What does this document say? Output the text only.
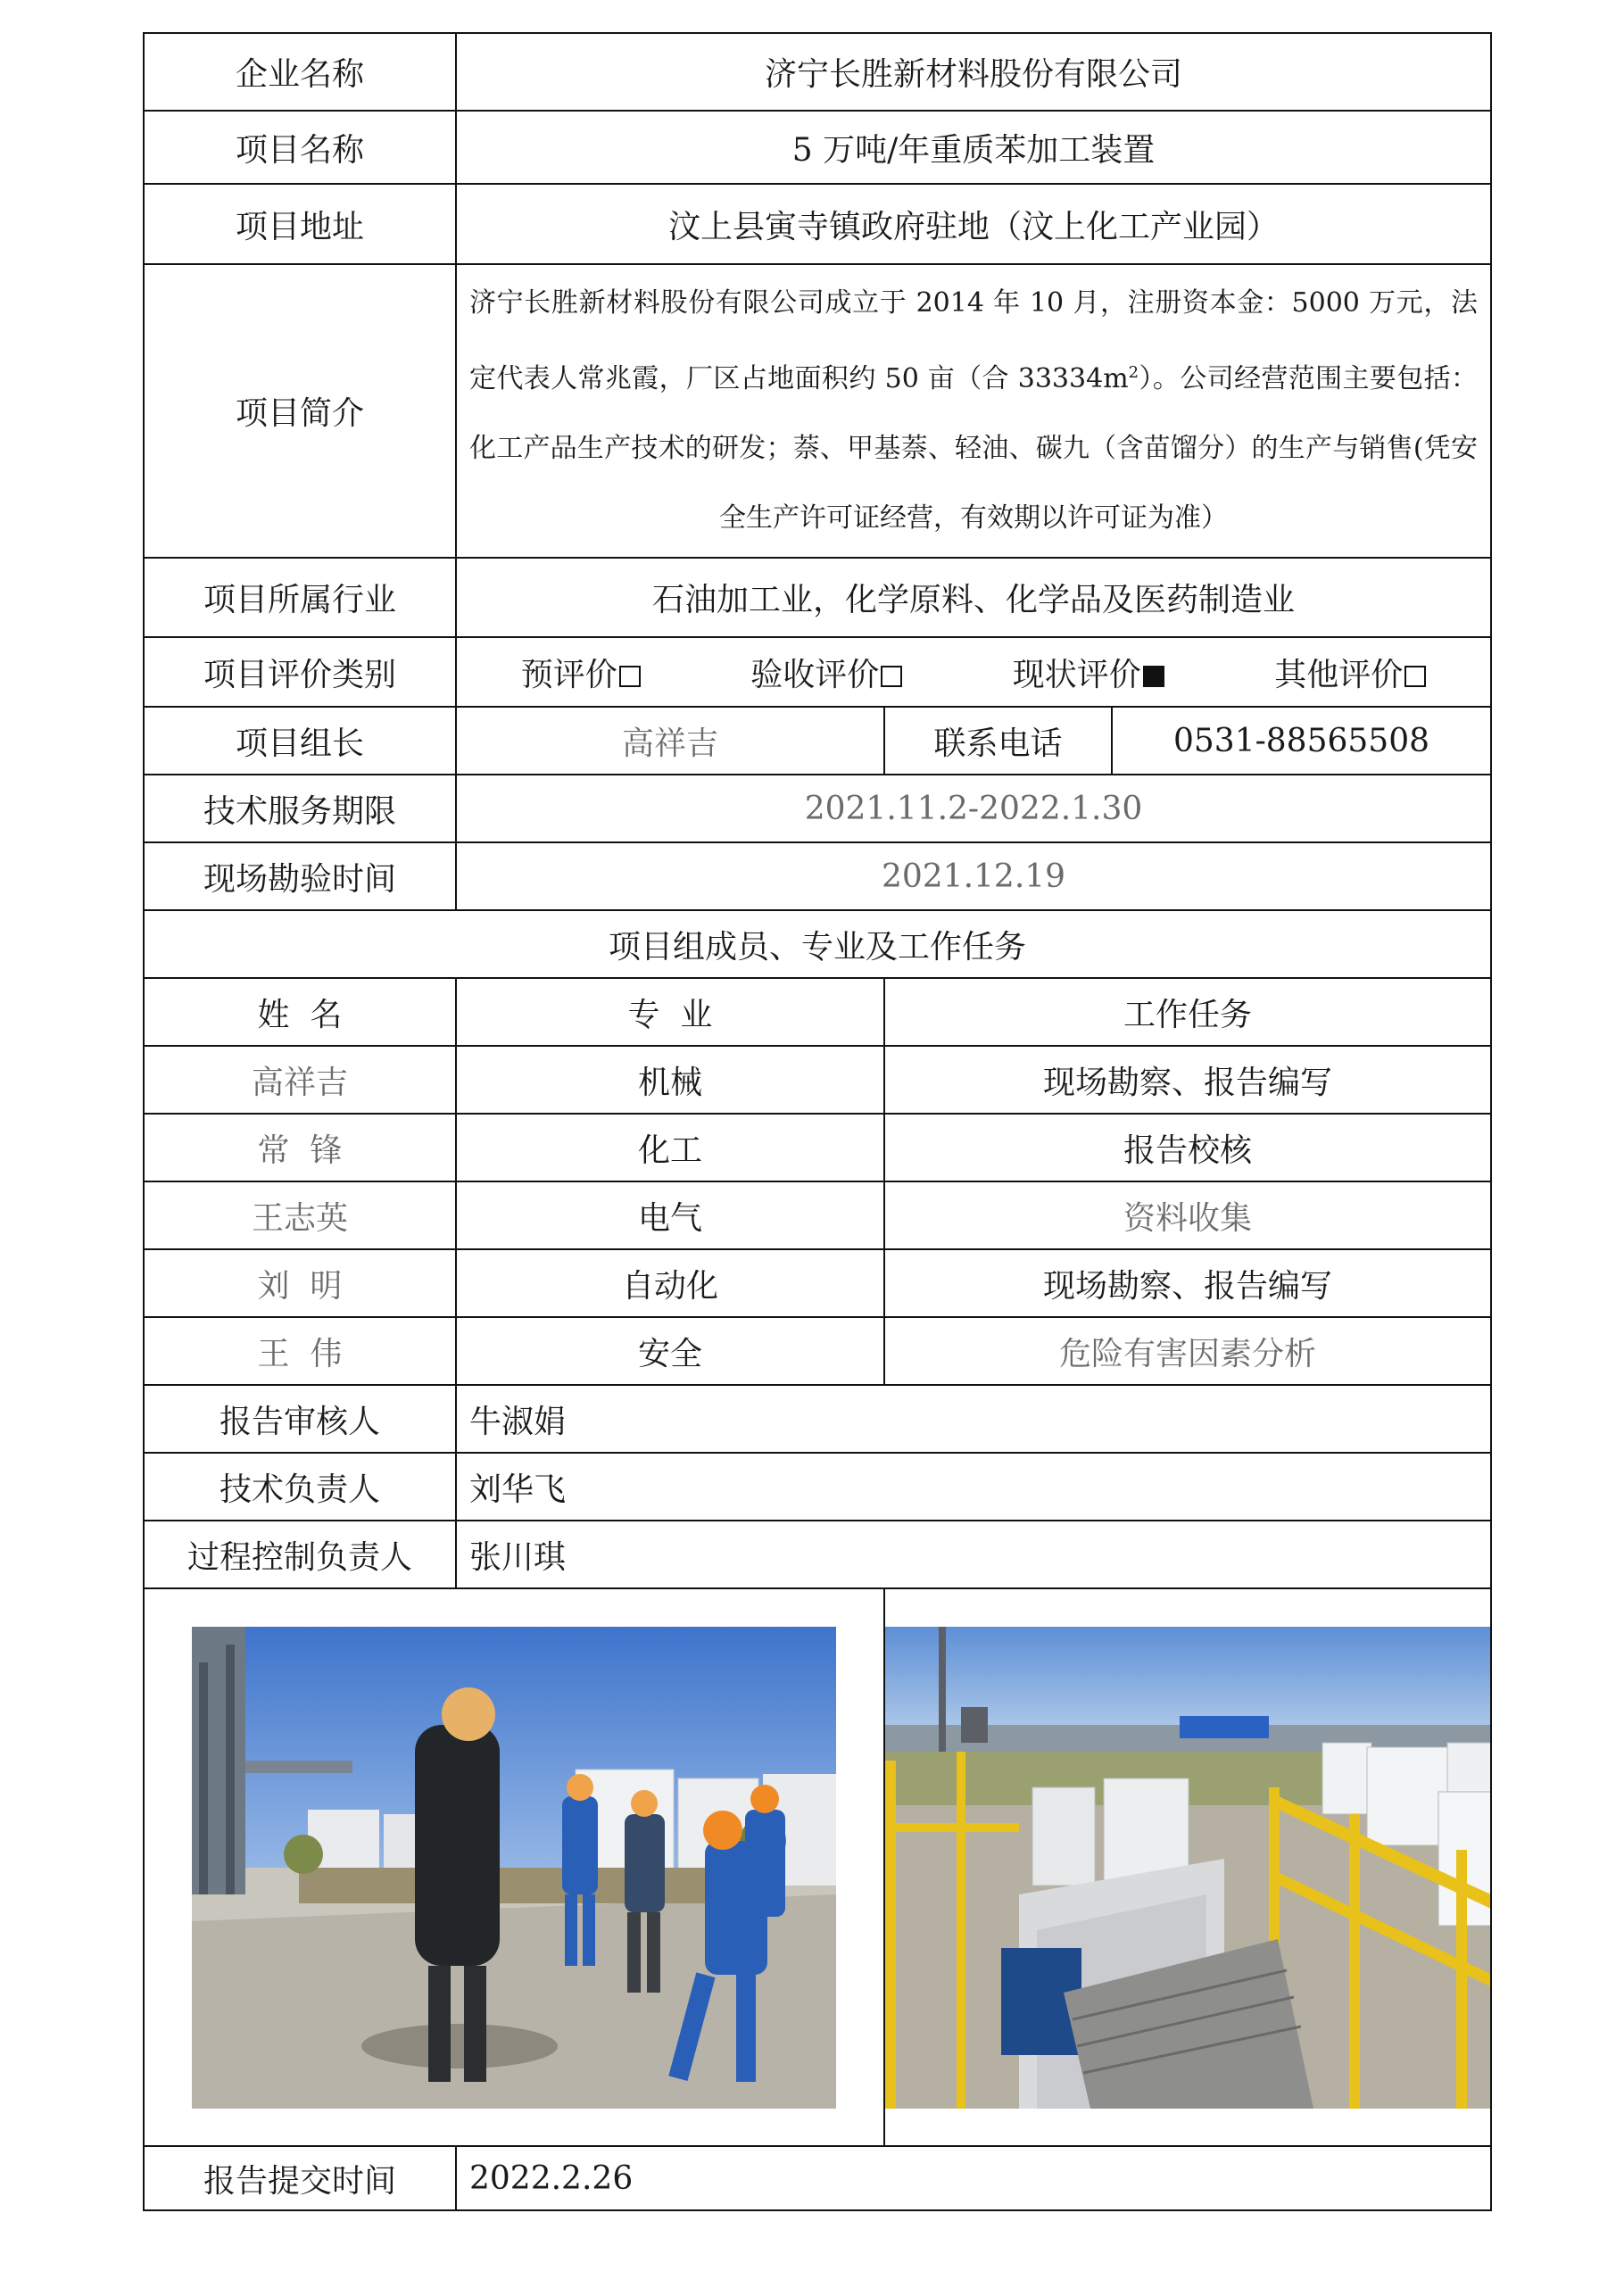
企业名称	济宁长胜新材料股份有限公司		
项目名称	5 万吨/年重质苯加工装置		
项目地址	汶上县寅寺镇政府驻地（汶上化工产业园）		
项目简介	济宁长胜新材料股份有限公司成立于 2014 年 10 月，注册资本金：5000 万元，法定代表人常兆霞，厂区占地面积约 50 亩（合 $33334m^2$）。公司经营范围主要包括：化工产品生产技术的研发；萘、甲基萘、轻油、碳九（含苗馏分）的生产与销售(凭安全生产许可证经营，有效期以许可证为准）		
项目所属行业	石油加工业，化学原料、化学品及医药制造业		
项目评价类别	预评价 验收评价 现状评价 其他评价		

项目组长	高祥吉	联系电话	0531-88565508
技术服务期限	2021.11.2-2022.1.30		
现场勘验时间	2021.12.19		
项目组成员、专业及工作任务			
姓  名	专  业	工作任务	
高祥吉	机械	现场勘察、报告编写	
常  锋	化工	报告校核	
王志英	电气	资料收集	
刘  明	自动化	现场勘察、报告编写	
王  伟	安全	危险有害因素分析	
报告审核人	牛淑娟		
技术负责人	刘华飞		
过程控制负责人	张川琪		

报告提交时间	2022.2.26		
